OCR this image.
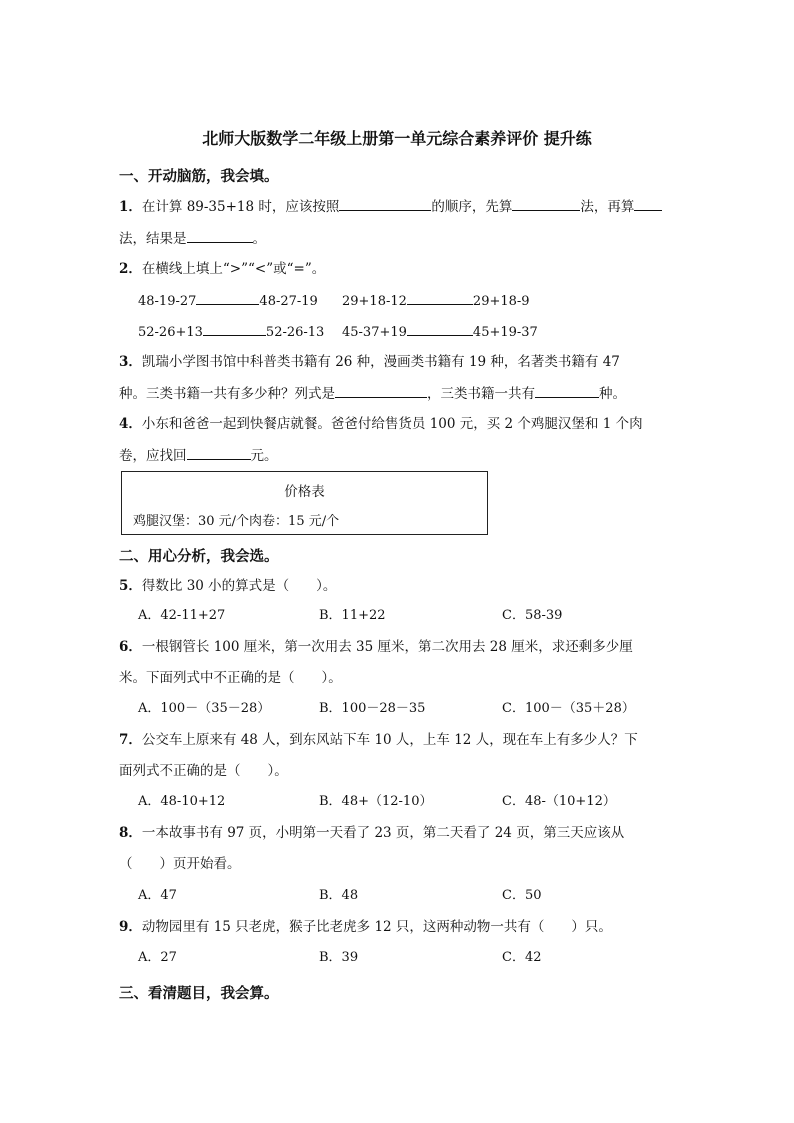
北师大版数学二年级上册第一单元综合素养评价 提升练
一、开动脑筋，我会填。
1．在计算 89-35+18 时，应该按照	的顺序，先算	法，再算
法，结果是	。
2．在横线上填上“>”“<”或“=”。
48-19-27	48-27-19 29+18-12	29+18-9
52-26+13	52-26-13 45-37+19	45+19-37
3．凯瑞小学图书馆中科普类书籍有 26 种，漫画类书籍有 19 种，名著类书籍有 47
种。三类书籍一共有多少种？列式是	，三类书籍一共有	种。
4．小东和爸爸一起到快餐店就餐。爸爸付给售货员 100 元，买 2 个鸡腿汉堡和 1 个肉
卷，应找回	元。
价格表
鸡腿汉堡：30 元/个肉卷：15 元/个
二、用心分析，我会选。
5．得数比 30 小的算式是（　　）。
A．42-11+27	B．11+22	C．58-39
6．一根钢管长 100 厘米，第一次用去 35 厘米，第二次用去 28 厘米，求还剩多少厘
米。下面列式中不正确的是（　　）。
A．100－（35－28）	B．100－28－35	C．100－（35＋28）
7．公交车上原来有 48 人，到东风站下车 10 人，上车 12 人，现在车上有多少人？下
面列式不正确的是（　　）。
A．48-10+12	B．48+（12-10）	C．48-（10+12）
8．一本故事书有 97 页，小明第一天看了 23 页，第二天看了 24 页，第三天应该从
（　　）页开始看。
A．47	B．48	C．50
9．动物园里有 15 只老虎，猴子比老虎多 12 只，这两种动物一共有（　　）只。
A．27	B．39	C．42
三、看清题目，我会算。
